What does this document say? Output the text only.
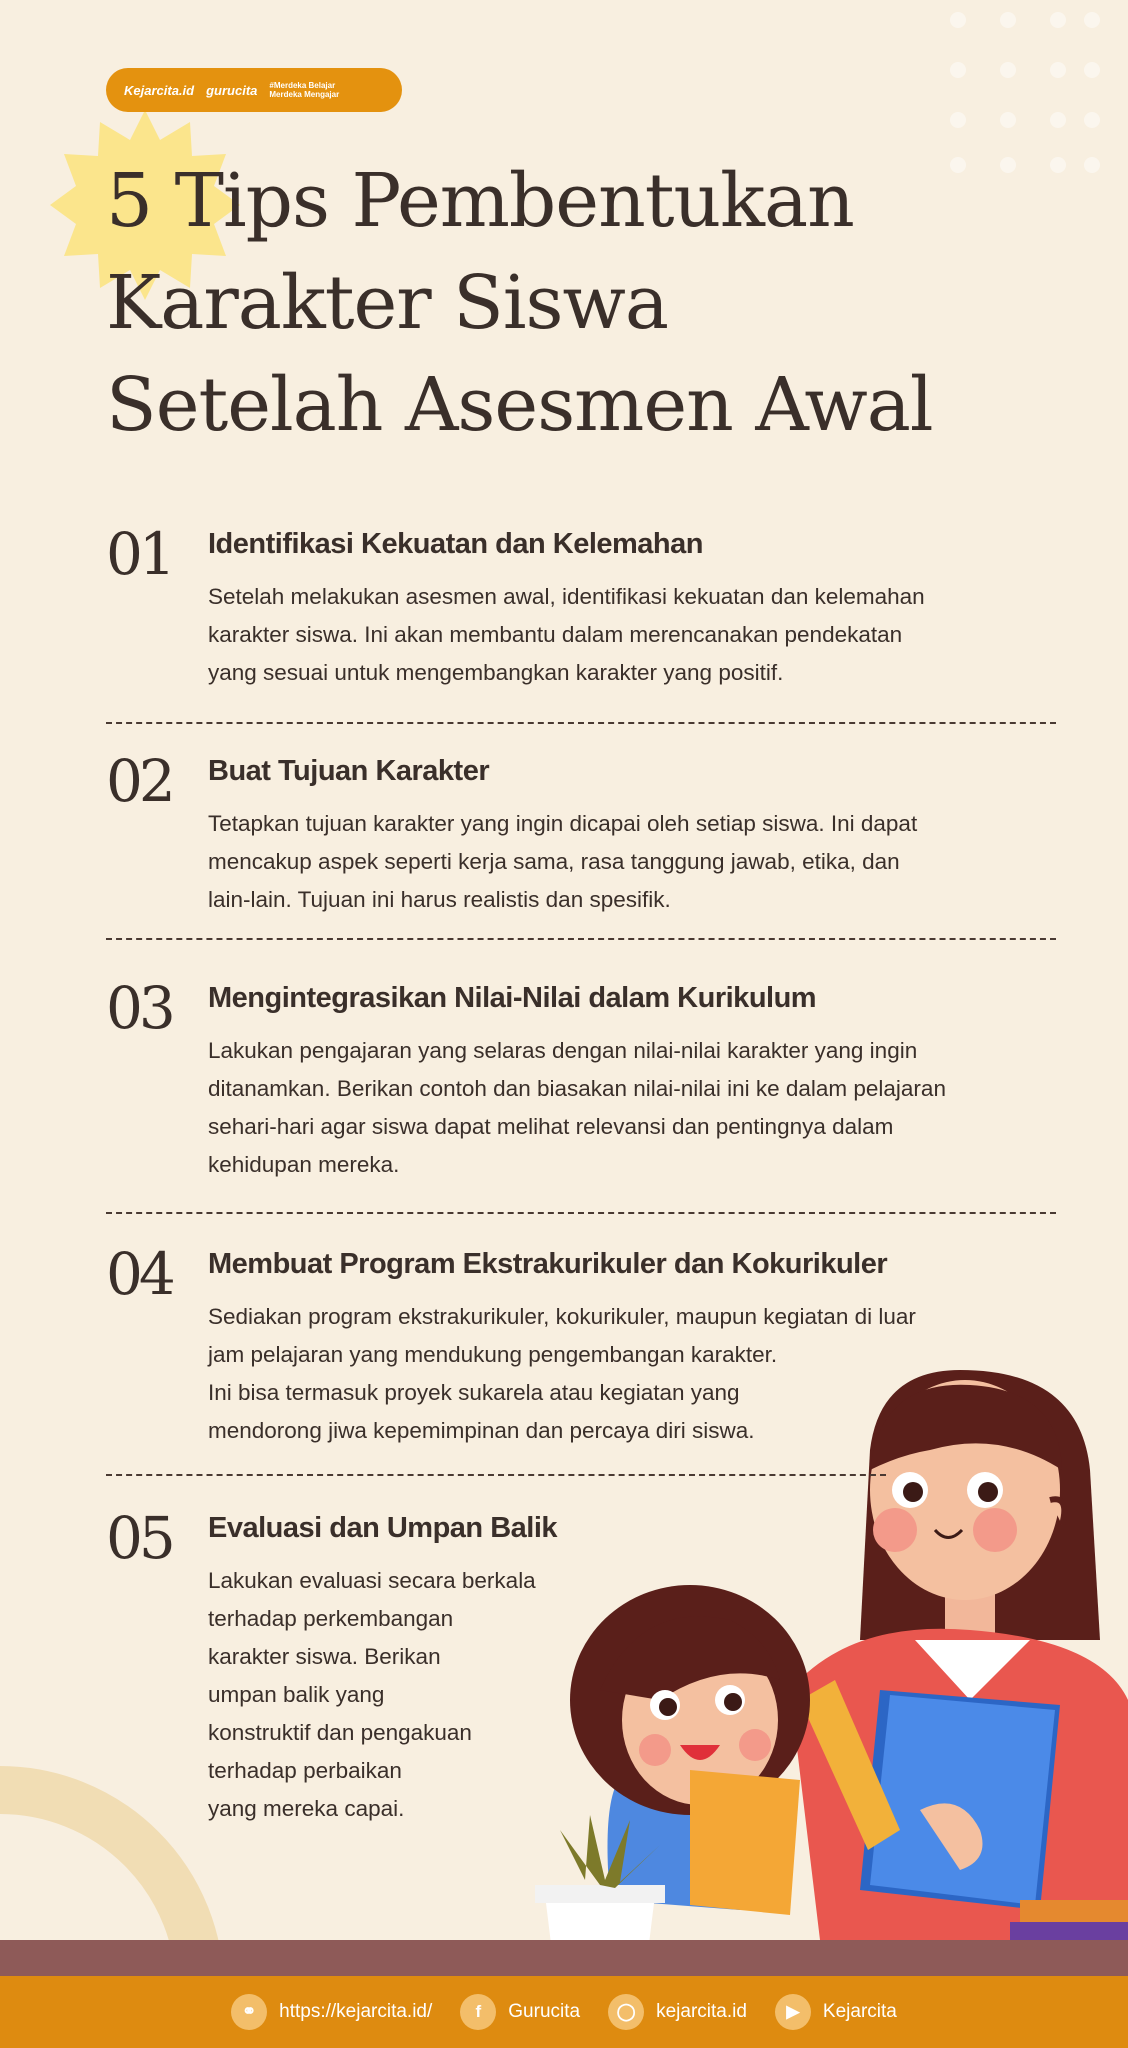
Kejarcita.id gurucita #Merdeka Belajar
Merdeka Mengajar
5 Tips Pembentukan
Karakter Siswa
Setelah Asesmen Awal
01 Identifikasi Kekuatan dan Kelemahan
Setelah melakukan asesmen awal, identifikasi kekuatan dan kelemahan
karakter siswa. Ini akan membantu dalam merencanakan pendekatan
yang sesuai untuk mengembangkan karakter yang positif.
02 Buat Tujuan Karakter
Tetapkan tujuan karakter yang ingin dicapai oleh setiap siswa. Ini dapat
mencakup aspek seperti kerja sama, rasa tanggung jawab, etika, dan
lain-lain. Tujuan ini harus realistis dan spesifik.
03 Mengintegrasikan Nilai-Nilai dalam Kurikulum
Lakukan pengajaran yang selaras dengan nilai-nilai karakter yang ingin
ditanamkan. Berikan contoh dan biasakan nilai-nilai ini ke dalam pelajaran
sehari-hari agar siswa dapat melihat relevansi dan pentingnya dalam
kehidupan mereka.
04 Membuat Program Ekstrakurikuler dan Kokurikuler
Sediakan program ekstrakurikuler, kokurikuler, maupun kegiatan di luar
jam pelajaran yang mendukung pengembangan karakter.
Ini bisa termasuk proyek sukarela atau kegiatan yang
mendorong jiwa kepemimpinan dan percaya diri siswa.
05 Evaluasi dan Umpan Balik
Lakukan evaluasi secara berkala
terhadap perkembangan
karakter siswa. Berikan
umpan balik yang
konstruktif dan pengakuan
terhadap perbaikan
yang mereka capai.
⚭	https://kejarcita.id/	f	Gurucita	◯	kejarcita.id	▶	Kejarcita
